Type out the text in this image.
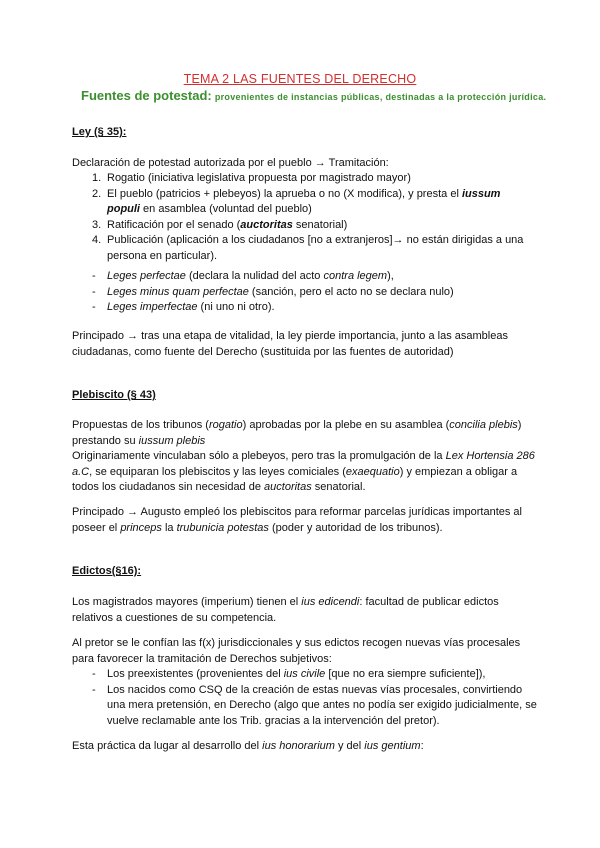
TEMA 2 LAS FUENTES DEL DERECHO
Fuentes de potestad: provenientes de instancias públicas, destinadas a la protección jurídica.
Ley (§ 35):
Declaración de potestad autorizada por el pueblo → Tramitación:
1. Rogatio (iniciativa legislativa propuesta por magistrado mayor)
2. El pueblo (patricios + plebeyos) la aprueba o no (X modifica), y presta el iussum
populi en asamblea (voluntad del pueblo)
3. Ratificación por el senado (auctoritas senatorial)
4. Publicación (aplicación a los ciudadanos [no a extranjeros]→ no están dirigidas a una persona en particular).
- Leges perfectae (declara la nulidad del acto contra legem),
- Leges minus quam perfectae (sanción, pero el acto no se declara nulo)
- Leges imperfectae (ni uno ni otro).
Principado → tras una etapa de vitalidad, la ley pierde importancia, junto a las asambleas ciudadanas, como fuente del Derecho (sustituida por las fuentes de autoridad)
Plebiscito (§ 43)
Propuestas de los tribunos (rogatio) aprobadas por la plebe en su asamblea (concilia plebis) prestando su iussum plebis
Originariamente vinculaban sólo a plebeyos, pero tras la promulgación de la Lex Hortensia 286 a.C, se equiparan los plebiscitos y las leyes comiciales (exaequatio) y empiezan a obligar a todos los ciudadanos sin necesidad de auctoritas senatorial.
Principado → Augusto empleó los plebiscitos para reformar parcelas jurídicas importantes al poseer el princeps la trubunicia potestas (poder y autoridad de los tribunos).
Edictos(§16):
Los magistrados mayores (imperium) tienen el ius edicendi: facultad de publicar edictos relativos a cuestiones de su competencia.
Al pretor se le confían las f(x) jurisdiccionales y sus edictos recogen nuevas vías procesales para favorecer la tramitación de Derechos subjetivos:
- Los preexistentes (provenientes del ius civile [que no era siempre suficiente]),
- Los nacidos como CSQ de la creación de estas nuevas vías procesales, convirtiendo una mera pretensión, en Derecho (algo que antes no podía ser exigido judicialmente, se vuelve reclamable ante los Trib. gracias a la intervención del pretor).
Esta práctica da lugar al desarrollo del ius honorarium y del ius gentium:
